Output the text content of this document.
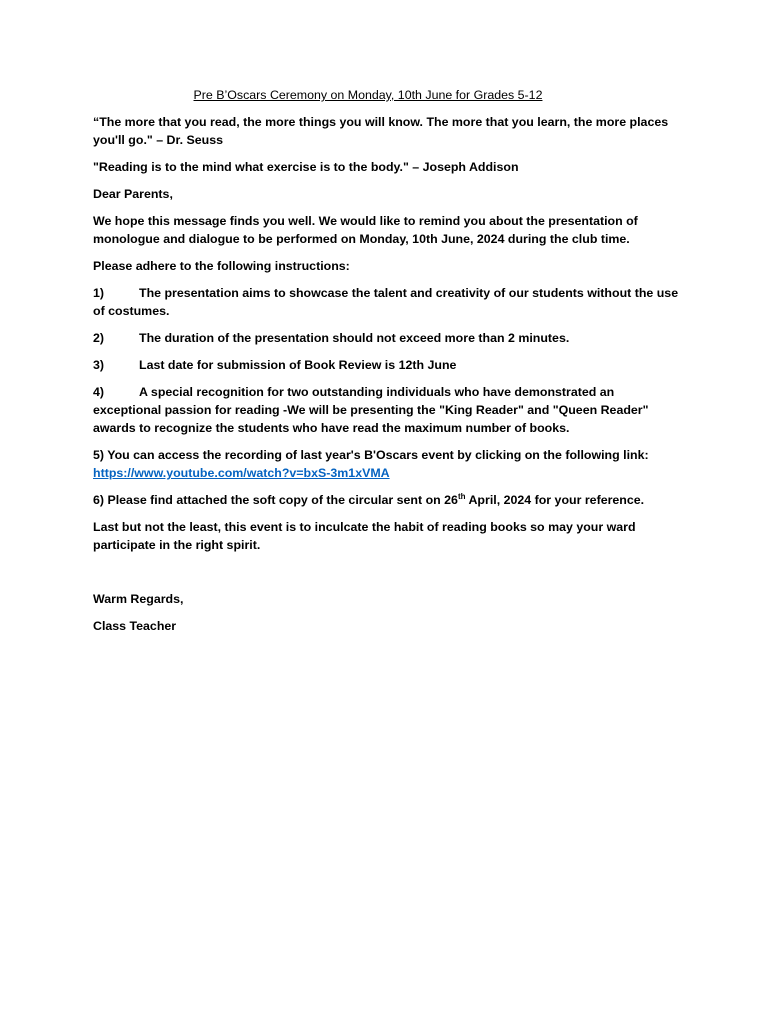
Pre B’Oscars Ceremony on Monday, 10th June for Grades 5-12

“The more that you read, the more things you will know. The more that you learn, the more places you'll go." – Dr. Seuss

"Reading is to the mind what exercise is to the body." – Joseph Addison

Dear Parents,

We hope this message finds you well. We would like to remind you about the presentation of monologue and dialogue to be performed on Monday, 10th June, 2024 during the club time.

Please adhere to the following instructions:

1)	The presentation aims to showcase the talent and creativity of our students without the use of costumes.
2)	The duration of the presentation should not exceed more than 2 minutes.
3)	Last date for submission of Book Review is 12th June
4)	A special recognition for two outstanding individuals who have demonstrated an exceptional passion for reading -We will be presenting the "King Reader" and "Queen Reader" awards to recognize the students who have read the maximum number of books.

5) You can access the recording of last year's B'Oscars event by clicking on the following link:
https://www.youtube.com/watch?v=bxS-3m1xVMA

6) Please find attached the soft copy of the circular sent on 26th April, 2024 for your reference.

Last but not the least, this event is to inculcate the habit of reading books so may your ward participate in the right spirit.

Warm Regards,

Class Teacher
